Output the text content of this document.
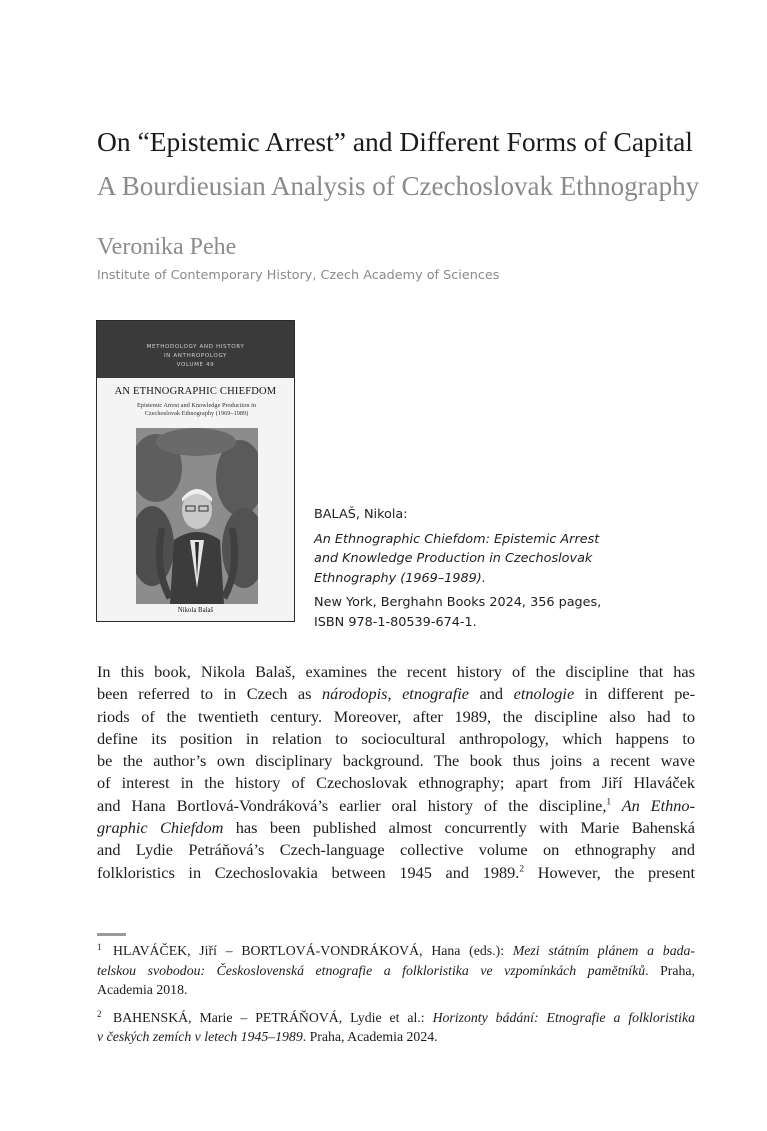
On “Epistemic Arrest” and Different Forms of Capital
A Bourdieusian Analysis of Czechoslovak Ethnography
Veronika Pehe
Institute of Contemporary History, Czech Academy of Sciences
METHODOLOGY AND HISTORY
IN ANTHROPOLOGY
VOLUME 49
AN ETHNOGRAPHIC CHIEFDOM
Epistemic Arrest and Knowledge Production in
Czechoslovak Ethnography (1969–1989)
Nikola Balaš
BALAŠ, Nikola:
An Ethnographic Chiefdom: Epistemic Arrest
and Knowledge Production in Czechoslovak
Ethnography (1969–1989).
New York, Berghahn Books 2024, 356 pages,
ISBN 978-1-80539-674-1.
In this book, Nikola Balaš, examines the recent history of the discipline that has
been referred to in Czech as národopis, etnografie and etnologie in different pe-
riods of the twentieth century. Moreover, after 1989, the discipline also had to
define its position in relation to sociocultural anthropology, which happens to
be the author’s own disciplinary background. The book thus joins a recent wave
of interest in the history of Czechoslovak ethnography; apart from Jiří Hlaváček
and Hana Bortlová-Vondráková’s earlier oral history of the discipline,$^1$ An Ethno-
graphic Chiefdom has been published almost concurrently with Marie Bahenská
and Lydie Petráňová’s Czech-language collective volume on ethnography and
folkloristics in Czechoslovakia between 1945 and 1989.$^2$ However, the present
1 HLAVÁČEK, Jiří – BORTLOVÁ-VONDRÁKOVÁ, Hana (eds.): Mezi státním plánem a bada-
telskou svobodou: Československá etnografie a folkloristika ve vzpomínkách pamětníků. Praha,
Academia 2018.
2 BAHENSKÁ, Marie – PETRÁŇOVÁ, Lydie et al.: Horizonty bádání: Etnografie a folkloristika
v českých zemích v letech 1945–1989. Praha, Academia 2024.
